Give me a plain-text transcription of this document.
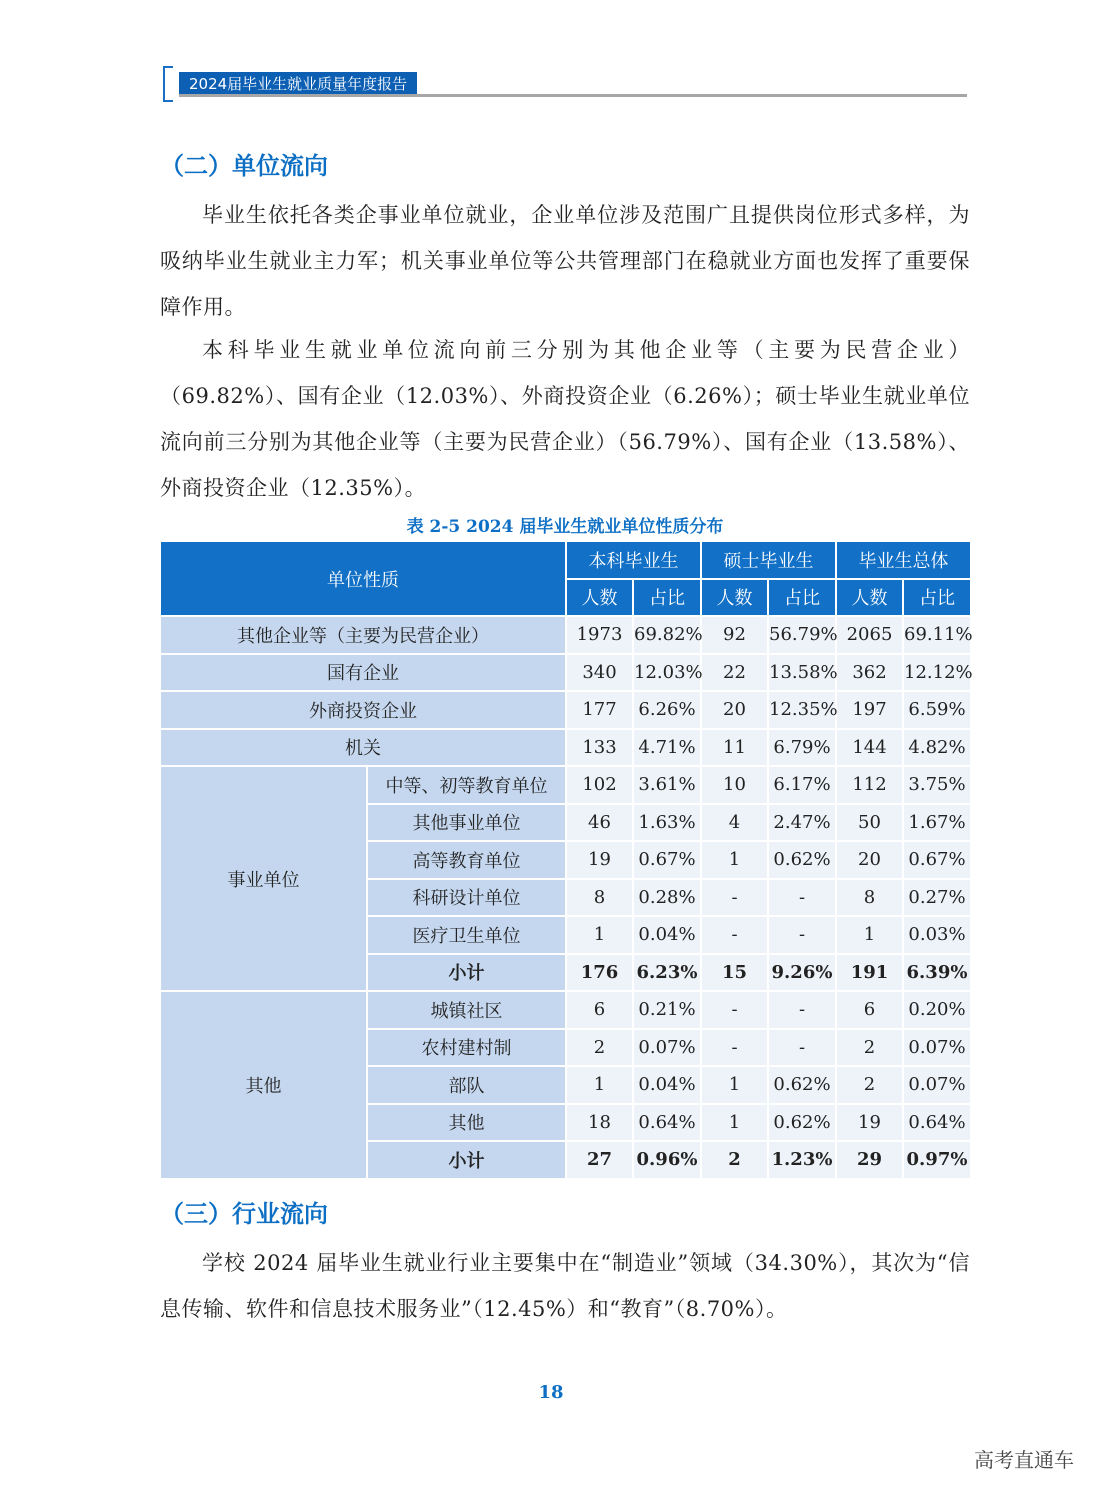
2024届毕业生就业质量年度报告
（二）单位流向

毕业生依托各类企事业单位就业，企业单位涉及范围广且提供岗位形式多样，为吸纳毕业生就业主力军；机关事业单位等公共管理部门在稳就业方面也发挥了重要保障作用。

本科毕业生就业单位流向前三分别为其他企业等（主要为民营企业）（69.82%）、国有企业（12.03%）、外商投资企业（6.26%）；硕士毕业生就业单位流向前三分别为其他企业等（主要为民营企业）（56.79%）、国有企业（13.58%）、外商投资企业（12.35%）。

表 2-5 2024 届毕业生就业单位性质分布
单位性质		本科毕业生		硕士毕业生		毕业生总体	
		人数	占比	人数	占比	人数	占比
其他企业等（主要为民营企业）		1973	69.82%	92	56.79%	2065	69.11%
国有企业		340	12.03%	22	13.58%	362	12.12%
外商投资企业		177	6.26%	20	12.35%	197	6.59%
机关		133	4.71%	11	6.79%	144	4.82%
事业单位	中等、初等教育单位	102	3.61%	10	6.17%	112	3.75%
	其他事业单位	46	1.63%	4	2.47%	50	1.67%
	高等教育单位	19	0.67%	1	0.62%	20	0.67%
	科研设计单位	8	0.28%	-	-	8	0.27%
	医疗卫生单位	1	0.04%	-	-	1	0.03%
	小计	176	6.23%	15	9.26%	191	6.39%
其他	城镇社区	6	0.21%	-	-	6	0.20%
	农村建村制	2	0.07%	-	-	2	0.07%
	部队	1	0.04%	1	0.62%	2	0.07%
	其他	18	0.64%	1	0.62%	19	0.64%
	小计	27	0.96%	2	1.23%	29	0.97%
（三）行业流向

学校 2024 届毕业生就业行业主要集中在“制造业”领域（34.30%），其次为“信息传输、软件和信息技术服务业”（12.45%）和“教育”（8.70%）。

18
高考直通车
